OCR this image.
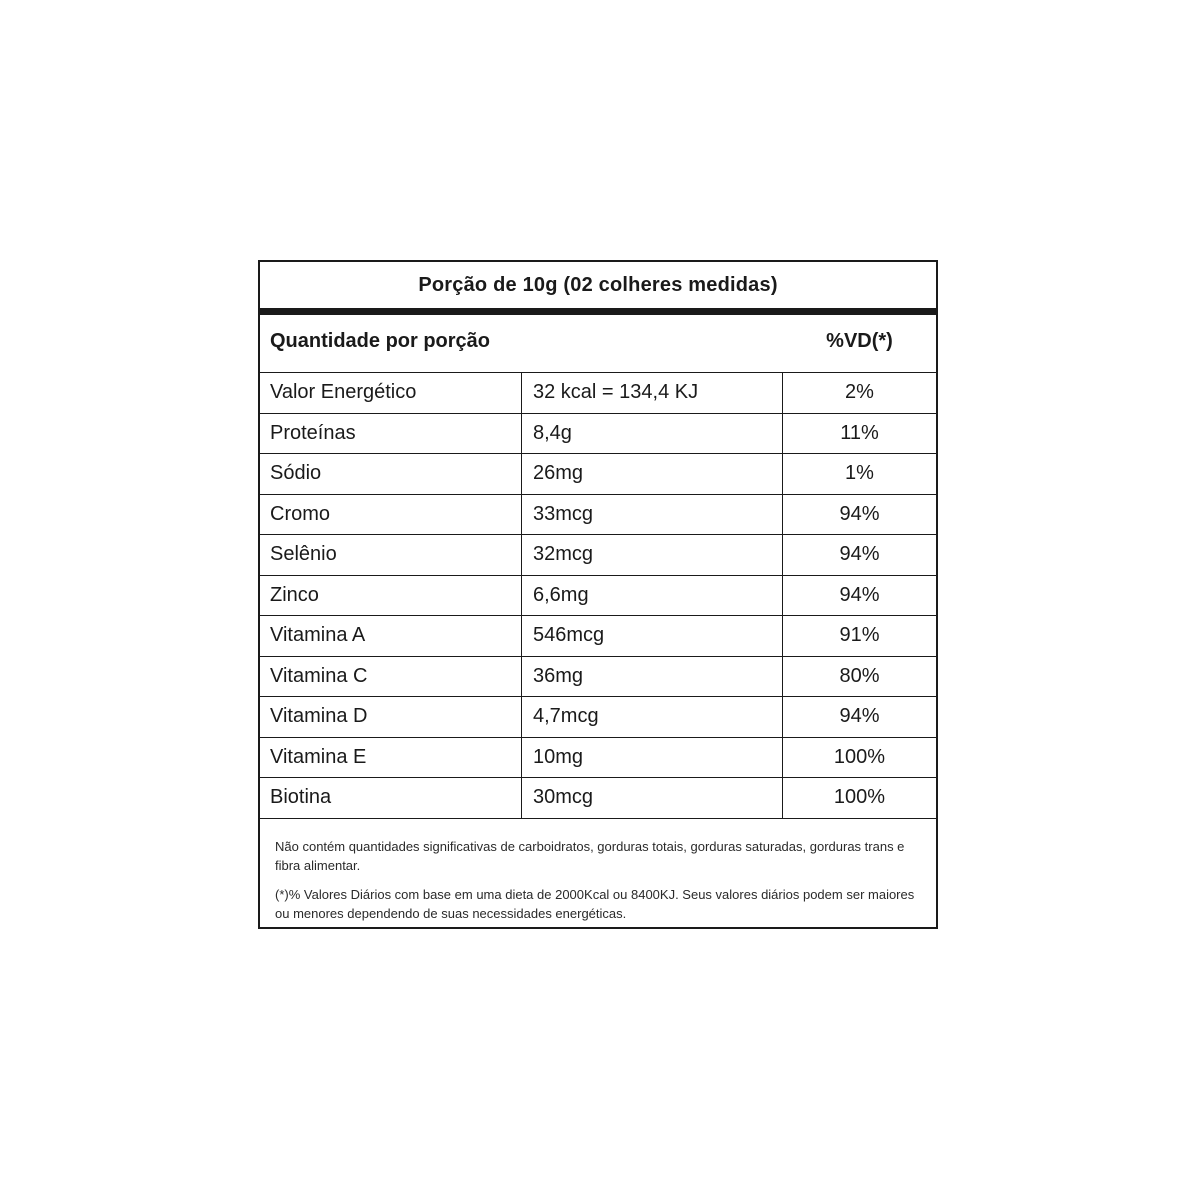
Porção de 10g (02 colheres medidas)
Quantidade por porção	%VD(*)
Valor Energético	32 kcal = 134,4 KJ	2%
Proteínas	8,4g	11%
Sódio	26mg	1%
Cromo	33mcg	94%
Selênio	32mcg	94%
Zinco	6,6mg	94%
Vitamina A	546mcg	91%
Vitamina C	36mg	80%
Vitamina D	4,7mcg	94%
Vitamina E	10mg	100%
Biotina	30mcg	100%

Não contém quantidades significativas de carboidratos, gorduras totais, gorduras saturadas, gorduras trans e fibra alimentar.

(*)% Valores Diários com base em uma dieta de 2000Kcal ou 8400KJ. Seus valores diários podem ser maiores ou menores dependendo de suas necessidades energéticas.
